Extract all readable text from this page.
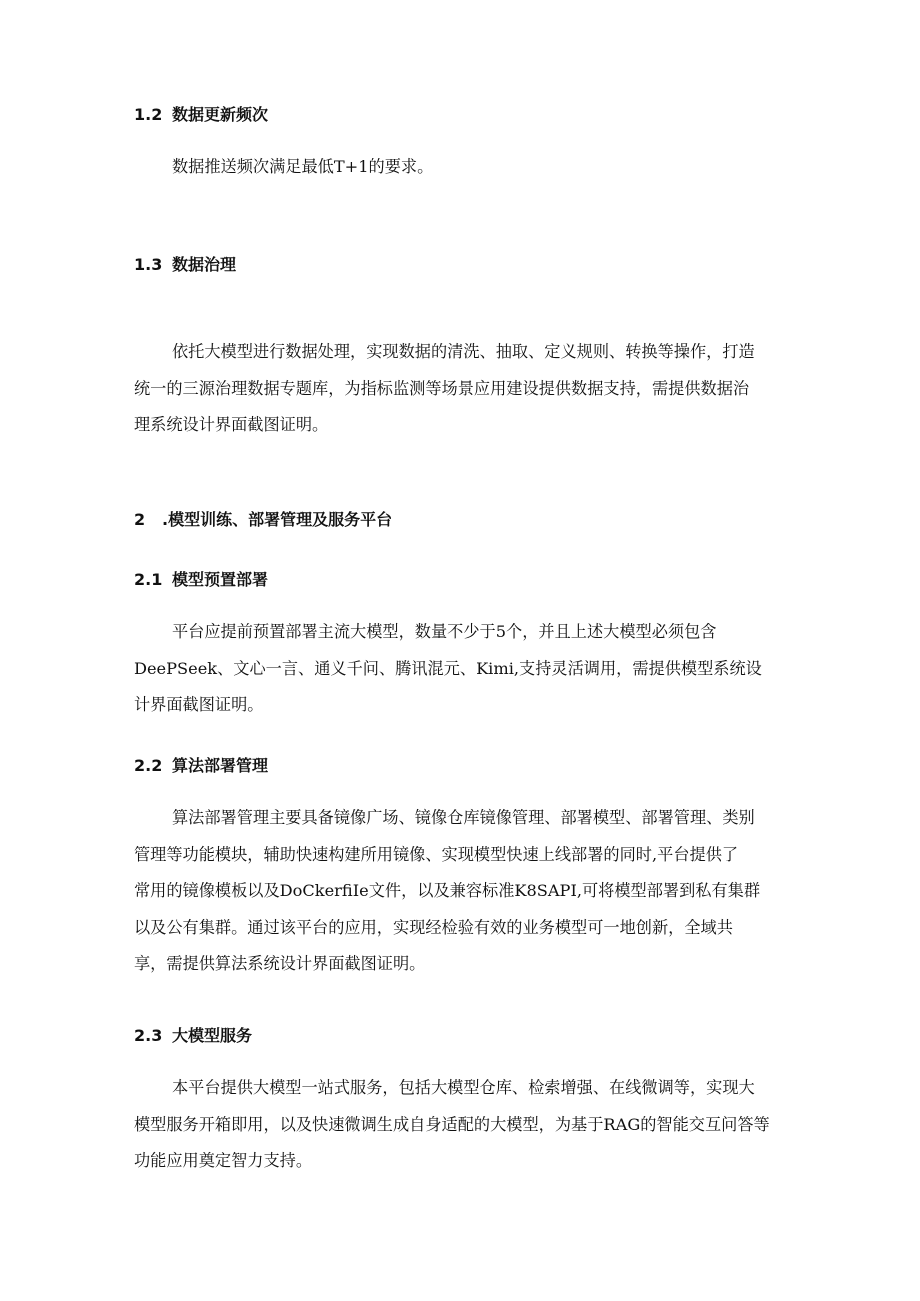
1.2 数据更新频次
数据推送频次满足最低T+1的要求。
1.3 数据治理
依托大模型进行数据处理，实现数据的清洗、抽取、定义规则、转换等操作，打造
统一的三源治理数据专题库，为指标监测等场景应用建设提供数据支持，需提供数据治
理系统设计界面截图证明。
2 .模型训练、部署管理及服务平台
2.1 模型预置部署
平台应提前预置部署主流大模型，数量不少于5个，并且上述大模型必须包含
DeePSeek、文心一言、通义千问、腾讯混元、Kimi,支持灵活调用，需提供模型系统设
计界面截图证明。
2.2 算法部署管理
算法部署管理主要具备镜像广场、镜像仓库镜像管理、部署模型、部署管理、类别
管理等功能模块，辅助快速构建所用镜像、实现模型快速上线部署的同时,平台提供了
常用的镜像模板以及DoCkerfiIe文件，以及兼容标准K8SAPI,可将模型部署到私有集群
以及公有集群。通过该平台的应用，实现经检验有效的业务模型可一地创新，全域共
享，需提供算法系统设计界面截图证明。
2.3 大模型服务
本平台提供大模型一站式服务，包括大模型仓库、检索增强、在线微调等，实现大
模型服务开箱即用，以及快速微调生成自身适配的大模型，为基于RAG的智能交互问答等
功能应用奠定智力支持。
